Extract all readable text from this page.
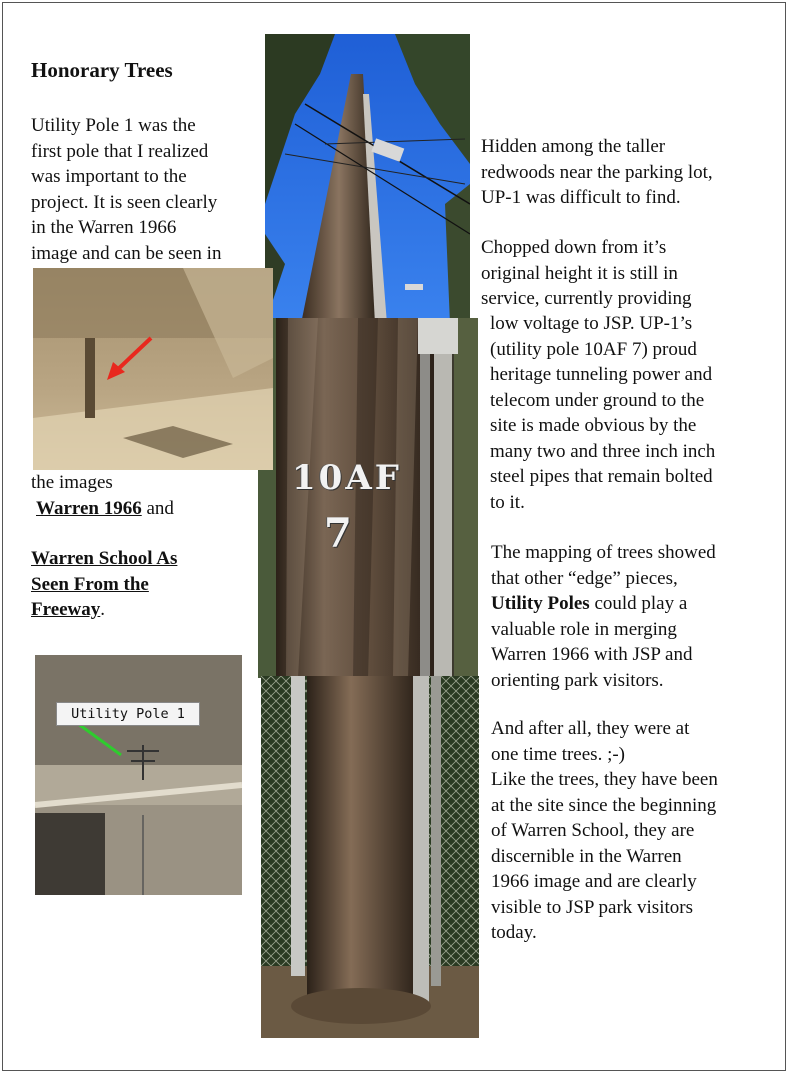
Honorary Trees
Utility Pole 1 was the
first pole that I realized
was important to the
project. It is seen clearly
in the Warren 1966
image and can be seen in
the images
Warren 1966 and
Warren School As
Seen From the
Freeway.
10AF
7
Utility Pole 1
Hidden among the taller
redwoods near the parking lot,
UP-1 was difficult to find.
Chopped down from it’s
original height it is still in
service, currently providing
low voltage to JSP. UP-1’s
(utility pole 10AF 7) proud
heritage tunneling power and
telecom under ground to the
site is made obvious by the
many two and three inch inch
steel pipes that remain bolted
to it.
The mapping of trees showed
that other “edge” pieces,
Utility Poles could play a
valuable role in merging
Warren 1966 with JSP and
orienting park visitors.
And after all, they were at
one time trees. ;-)
Like the trees, they have been
at the site since the beginning
of Warren School, they are
discernible in the Warren
1966 image and are clearly
visible to JSP park visitors
today.
